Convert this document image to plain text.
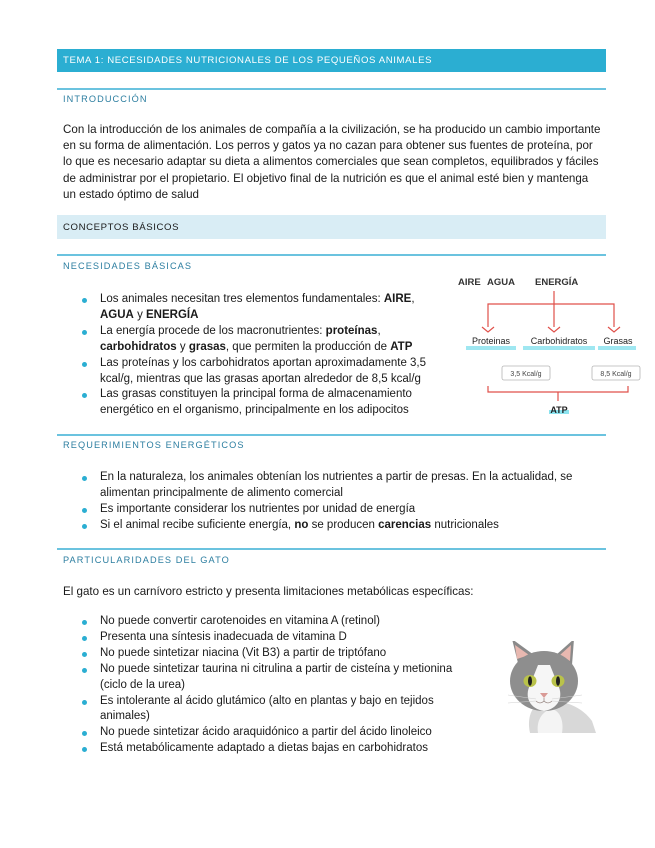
TEMA 1: NECESIDADES NUTRICIONALES DE LOS PEQUEÑOS ANIMALES
INTRODUCCIÓN

Con la introducción de los animales de compañía a la civilización, se ha producido un cambio importante en su forma de alimentación. Los perros y gatos ya no cazan para obtener sus fuentes de proteína, por lo que es necesario adaptar su dieta a alimentos comerciales que sean completos, equilibrados y fáciles de administrar por el propietario. El objetivo final de la nutrición es que el animal esté bien y mantenga un estado óptimo de salud

CONCEPTOS BÁSICOS
NECESIDADES BÁSICAS
Los animales necesitan tres elementos fundamentales: AIRE, AGUA y ENERGÍA
La energía procede de los macronutrientes: proteínas, carbohidratos y grasas, que permiten la producción de ATP
Las proteínas y los carbohidratos aportan aproximadamente 3,5 kcal/g, mientras que las grasas aportan alrededor de 8,5 kcal/g
Las grasas constituyen la principal forma de almacenamiento energético en el organismo, principalmente en los adipocitos
AIRE AGUA ENERGÍA
Proteinas Carbohidratos Grasas
3,5 Kcal/g	8,5 Kcal/g
ATP
REQUERIMIENTOS ENERGÉTICOS
En la naturaleza, los animales obtenían los nutrientes a partir de presas. En la actualidad, se alimentan principalmente de alimento comercial
Es importante considerar los nutrientes por unidad de energía
Si el animal recibe suficiente energía, no se producen carencias nutricionales
PARTICULARIDADES DEL GATO

El gato es un carnívoro estricto y presenta limitaciones metabólicas específicas:

No puede convertir carotenoides en vitamina A (retinol)
Presenta una síntesis inadecuada de vitamina D
No puede sintetizar niacina (Vit B3) a partir de triptófano
No puede sintetizar taurina ni citrulina a partir de cisteína y metionina (ciclo de la urea)
Es intolerante al ácido glutámico (alto en plantas y bajo en tejidos animales)
No puede sintetizar ácido araquidónico a partir del ácido linoleico
Está metabólicamente adaptado a dietas bajas en carbohidratos
